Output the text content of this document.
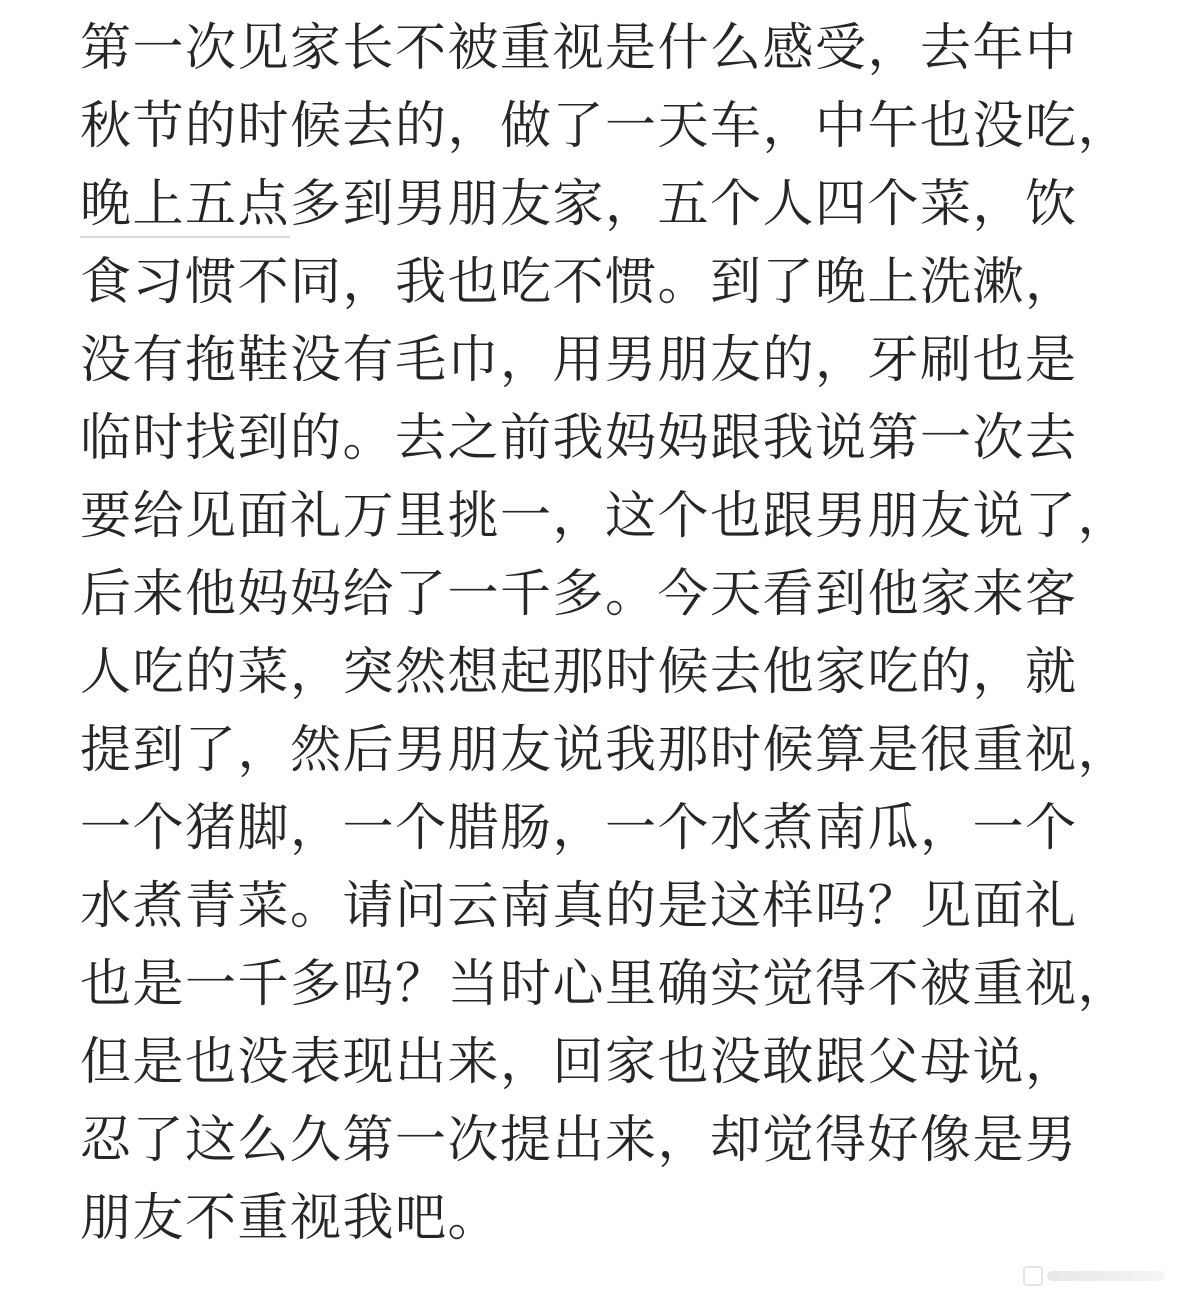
第一次见家长不被重视是什么感受，去年中
秋节的时候去的，做了一天车，中午也没吃，
晚上五点多到男朋友家，五个人四个菜，饮
食习惯不同，我也吃不惯。到了晚上洗漱，
没有拖鞋没有毛巾，用男朋友的，牙刷也是
临时找到的。去之前我妈妈跟我说第一次去
要给见面礼万里挑一，这个也跟男朋友说了，
后来他妈妈给了一千多。今天看到他家来客
人吃的菜，突然想起那时候去他家吃的，就
提到了，然后男朋友说我那时候算是很重视，
一个猪脚，一个腊肠，一个水煮南瓜，一个
水煮青菜。请问云南真的是这样吗？见面礼
也是一千多吗？当时心里确实觉得不被重视，
但是也没表现出来，回家也没敢跟父母说，
忍了这么久第一次提出来，却觉得好像是男
朋友不重视我吧。
